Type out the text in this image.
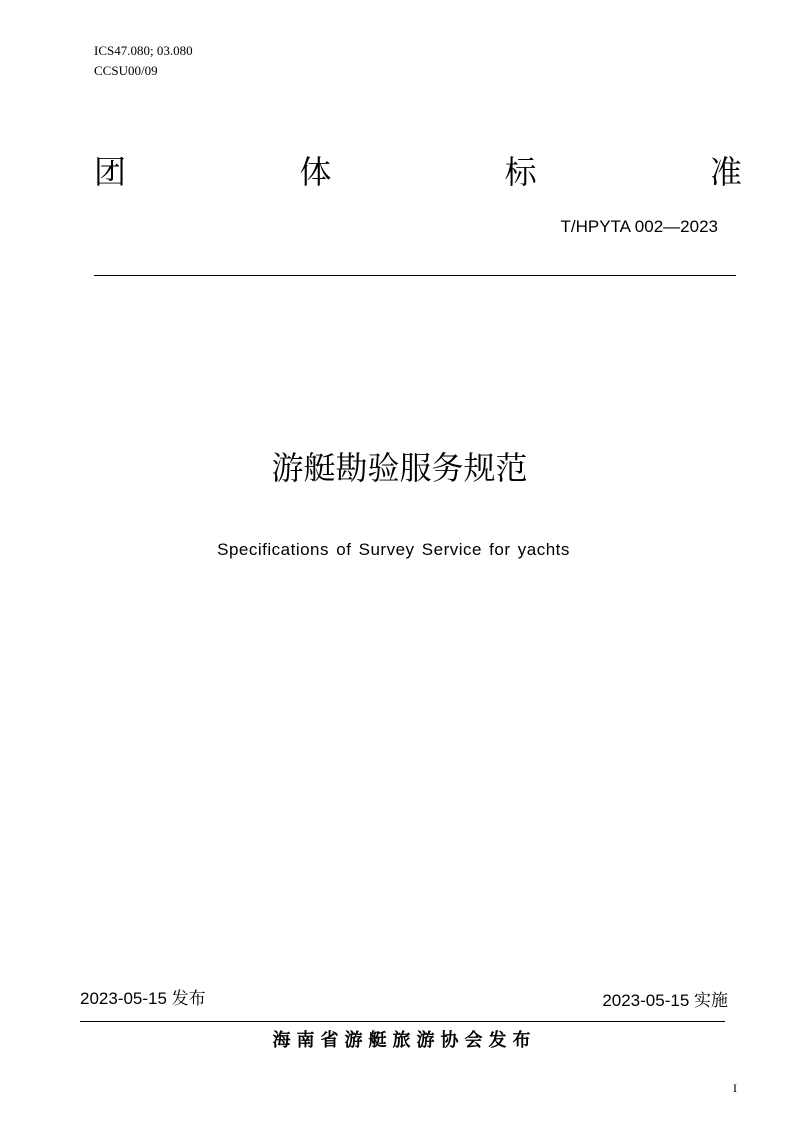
ICS47.080; 03.080
CCSU00/09
团	体	标	准
T/HPYTA 002—2023
游艇勘验服务规范
Specifications of Survey Service for yachts
2023-05-15 发布	2023-05-15 实施
海南省游艇旅游协会发布
I
